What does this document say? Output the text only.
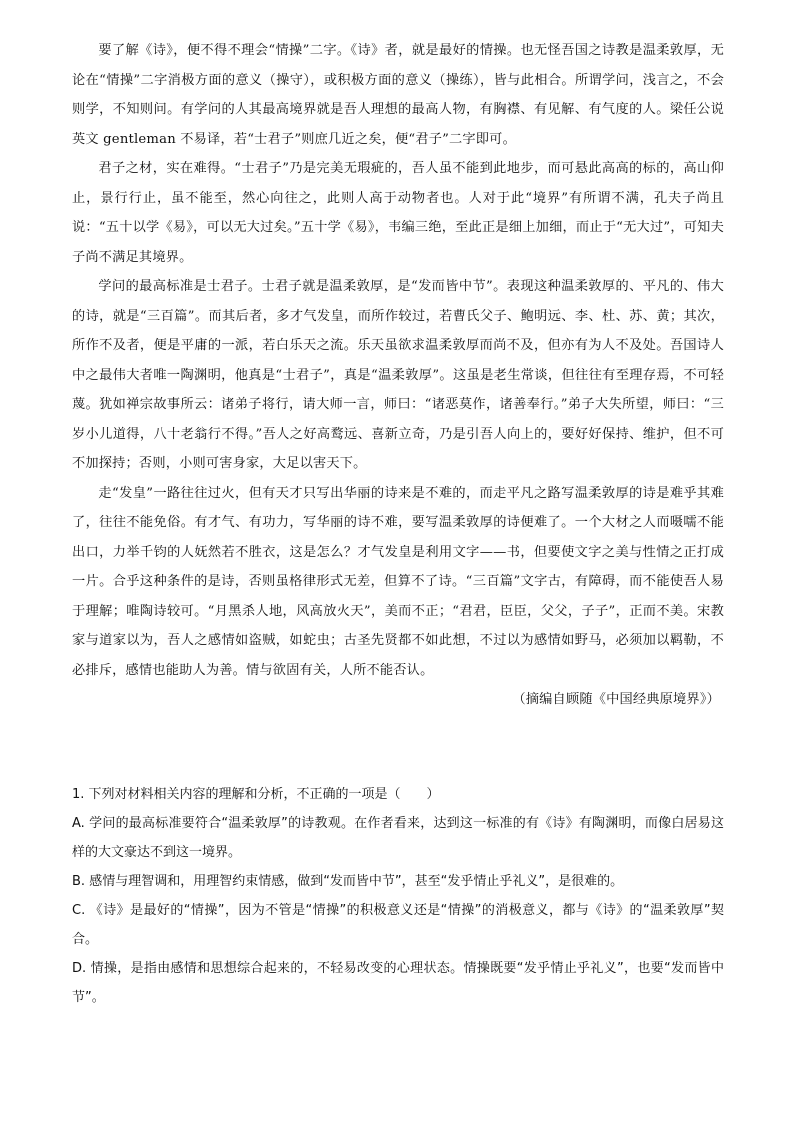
要了解《诗》，便不得不理会“情操”二字。《诗》者，就是最好的情操。也无怪吾国之诗教是温柔敦厚，无论在“情操”二字消极方面的意义（操守），或积极方面的意义（操练），皆与此相合。所谓学问，浅言之，不会则学，不知则问。有学问的人其最高境界就是吾人理想的最高人物，有胸襟、有见解、有气度的人。梁任公说英文 gentleman 不易译，若“士君子”则庶几近之矣，便“君子”二字即可。

君子之材，实在难得。“士君子”乃是完美无瑕疵的，吾人虽不能到此地步，而可悬此高高的标的，高山仰止，景行行止，虽不能至，然心向往之，此则人高于动物者也。人对于此“境界”有所谓不满，孔夫子尚且说：“五十以学《易》，可以无大过矣。”五十学《易》，韦编三绝，至此正是细上加细，而止于“无大过”，可知夫子尚不满足其境界。

学问的最高标准是士君子。士君子就是温柔敦厚，是“发而皆中节”。表现这种温柔敦厚的、平凡的、伟大的诗，就是“三百篇”。而其后者，多才气发皇，而所作较过，若曹氏父子、鲍明远、李、杜、苏、黄；其次，所作不及者，便是平庸的一派，若白乐天之流。乐天虽欲求温柔敦厚而尚不及，但亦有为人不及处。吾国诗人中之最伟大者唯一陶渊明，他真是“士君子”，真是“温柔敦厚”。这虽是老生常谈，但往往有至理存焉，不可轻蔑。犹如禅宗故事所云：诸弟子将行，请大师一言，师曰：“诸恶莫作，诸善奉行。”弟子大失所望，师曰：“三岁小儿道得，八十老翁行不得。”吾人之好高鹜远、喜新立奇，乃是引吾人向上的，要好好保持、维护，但不可不加探持；否则，小则可害身家，大足以害天下。

走“发皇”一路往往过火，但有天才只写出华丽的诗来是不难的，而走平凡之路写温柔敦厚的诗是难乎其难了，往往不能免俗。有才气、有功力，写华丽的诗不难，要写温柔敦厚的诗便难了。一个大材之人而嗫嚅不能出口，力举千钧的人妩然若不胜衣，这是怎么？才气发皇是利用文字——书，但要使文字之美与性情之正打成一片。合乎这种条件的是诗，否则虽格律形式无差，但算不了诗。“三百篇”文字古，有障碍，而不能使吾人易于理解；唯陶诗较可。“月黑杀人地，风高放火天”，美而不正；“君君，臣臣，父父，子子”，正而不美。宋教家与道家以为，吾人之感情如盗贼，如蛇虫；古圣先贤都不如此想，不过以为感情如野马，必须加以羁勒，不必排斥，感情也能助人为善。情与欲固有关，人所不能否认。

（摘编自顾随《中国经典原境界》）

1. 下列对材料相关内容的理解和分析，不正确的一项是（　　）

A. 学问的最高标准要符合“温柔敦厚”的诗教观。在作者看来，达到这一标准的有《诗》有陶渊明，而像白居易这样的大文豪达不到这一境界。

B. 感情与理智调和，用理智约束情感，做到“发而皆中节”，甚至“发乎情止乎礼义”，是很难的。

C. 《诗》是最好的“情操”，因为不管是“情操”的积极意义还是“情操”的消极意义，都与《诗》的“温柔敦厚”契合。

D. 情操，是指由感情和思想综合起来的，不轻易改变的心理状态。情操既要“发乎情止乎礼义”，也要“发而皆中节”。
